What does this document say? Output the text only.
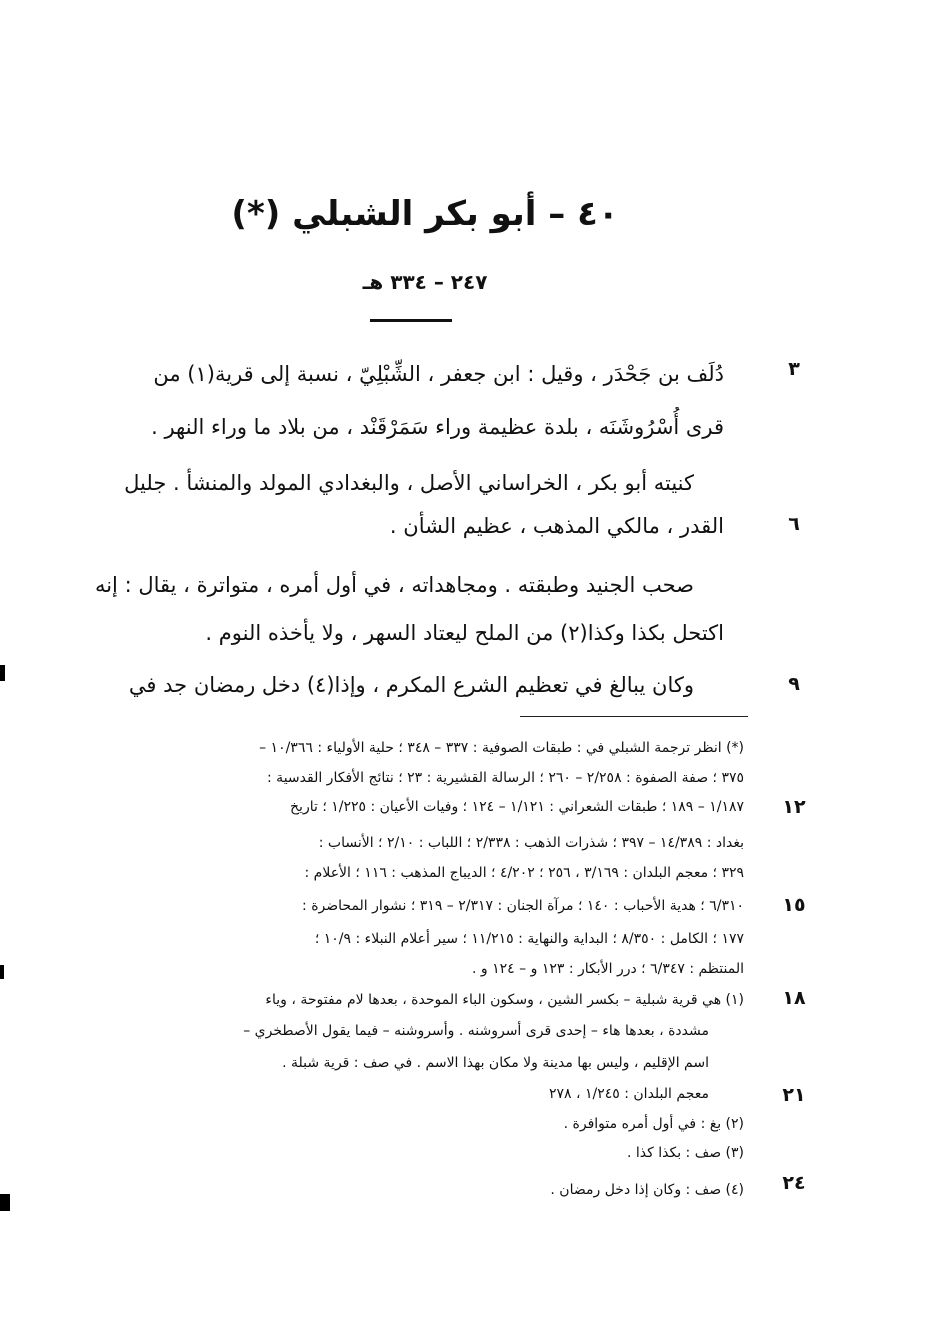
٤٠ – أبو بكر الشبلي (*)
٢٤٧ – ٣٣٤ هـ
دُلَف بن جَحْدَر ، وقيل : ابن جعفر ، الشِّبْلِيّ ، نسبة إلى قرية(١) من
قرى أُسْرُوشَنَه ، بلدة عظيمة وراء سَمَرْقَنْد ، من بلاد ما وراء النهر .
كنيته أبو بكر ، الخراساني الأصل ، والبغدادي المولد والمنشأ . جليل
القدر ، مالكي المذهب ، عظيم الشأن .
صحب الجنيد وطبقته . ومجاهداته ، في أول أمره ، متواترة ، يقال : إنه
اكتحل بكذا وكذا(٢) من الملح ليعتاد السهر ، ولا يأخذه النوم .
وكان يبالغ في تعظيم الشرع المكرم ، وإذا(٤) دخل رمضان جد في
(*) انظر ترجمة الشبلي في : طبقات الصوفية : ٣٣٧ – ٣٤٨ ؛ حلية الأولياء : ١٠/٣٦٦ –
٣٧٥ ؛ صفة الصفوة : ٢/٢٥٨ – ٢٦٠ ؛ الرسالة القشيرية : ٢٣ ؛ نتائج الأفكار القدسية :
١/١٨٧ – ١٨٩ ؛ طبقات الشعراني : ١/١٢١ – ١٢٤ ؛ وفيات الأعيان : ١/٢٢٥ ؛ تاريخ
بغداد : ١٤/٣٨٩ – ٣٩٧ ؛ شذرات الذهب : ٢/٣٣٨ ؛ اللباب : ٢/١٠ ؛ الأنساب :
٣٢٩ ؛ معجم البلدان : ٣/١٦٩ ، ٢٥٦ ؛ ٤/٢٠٢ ؛ الديباج المذهب : ١١٦ ؛ الأعلام :
٦/٣١٠ ؛ هدية الأحباب : ١٤٠ ؛ مرآة الجنان : ٢/٣١٧ – ٣١٩ ؛ نشوار المحاضرة :
١٧٧ ؛ الكامل : ٨/٣٥٠ ؛ البداية والنهاية : ١١/٢١٥ ؛ سير أعلام النبلاء : ١٠/٩ ؛
المنتظم : ٦/٣٤٧ ؛ درر الأبكار : ١٢٣ و – ١٢٤ و .
(١) هي قرية شبلية – بكسر الشين ، وسكون الباء الموحدة ، بعدها لام مفتوحة ، وياء
مشددة ، بعدها هاء – إحدى قرى أسروشنه . وأسروشنه – فيما يقول الأصطخري –
اسم الإقليم ، وليس بها مدينة ولا مكان بهذا الاسم . في صف : قرية شبلة .
معجم البلدان : ١/٢٤٥ ، ٢٧٨
(٢) بغ : في أول أمره متوافرة .
(٣) صف : بكذا كذا .
(٤) صف : وكان إذا دخل رمضان .
٣
٦
٩
١٢
١٥
١٨
٢١
٢٤
